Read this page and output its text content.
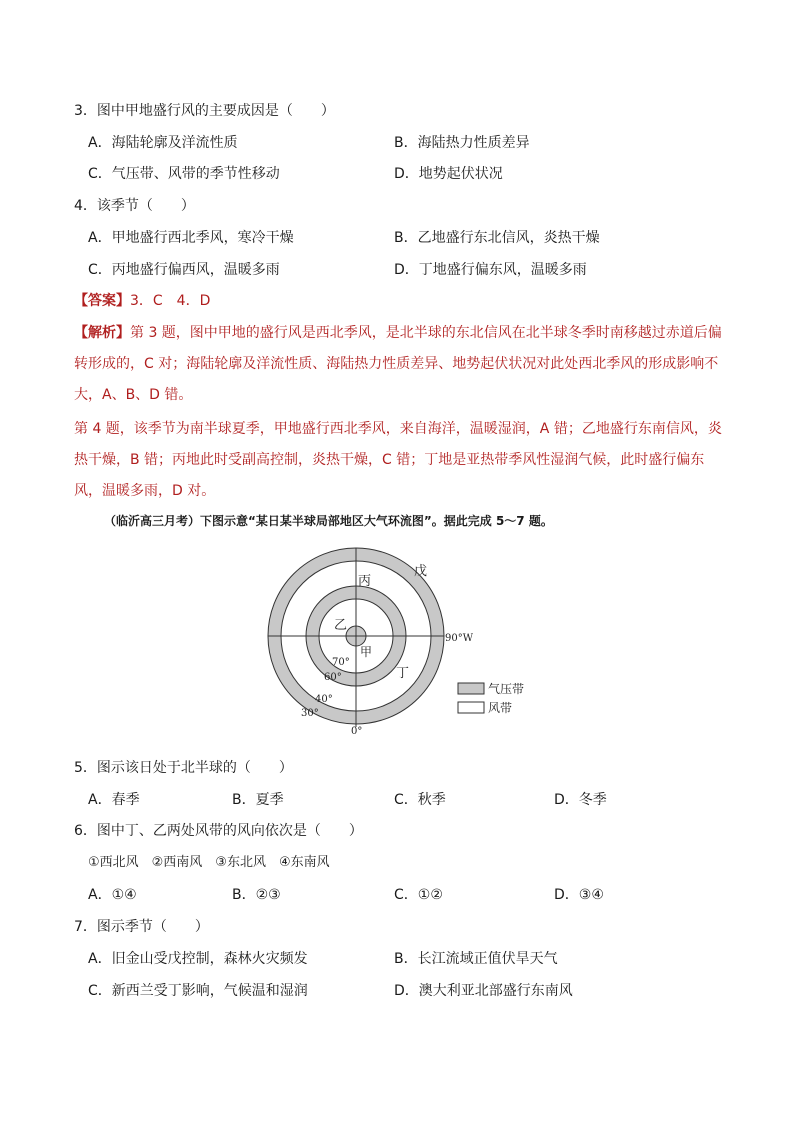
3．图中甲地盛行风的主要成因是（　　）
A．海陆轮廓及洋流性质	B．海陆热力性质差异
C．气压带、风带的季节性移动	D．地势起伏状况
4．该季节（　　）
A．甲地盛行西北季风，寒冷干燥	B．乙地盛行东北信风，炎热干燥
C．丙地盛行偏西风，温暖多雨	D．丁地盛行偏东风，温暖多雨
【答案】3．C　4．D
【解析】第 3 题，图中甲地的盛行风是西北季风，是北半球的东北信风在北半球冬季时南移越过赤道后偏转形成的，C 对；海陆轮廓及洋流性质、海陆热力性质差异、地势起伏状况对此处西北季风的形成影响不大，A、B、D 错。
第 4 题，该季节为南半球夏季，甲地盛行西北季风，来自海洋，温暖湿润，A 错；乙地盛行东南信风，炎热干燥，B 错；丙地此时受副高控制，炎热干燥，C 错；丁地是亚热带季风性湿润气候，此时盛行偏东风，温暖多雨，D 对。
（临沂高三月考）下图示意“某日某半球局部地区大气环流图”。据此完成 5～7 题。
丙
戊
乙
甲
丁
90°W
70°
60°
40°
30°
0°
气压带
风带
5．图示该日处于北半球的（　　）
A．春季	B．夏季	C．秋季	D．冬季
6．图中丁、乙两处风带的风向依次是（　　）
①西北风　②西南风　③东北风　④东南风
A．①④	B．②③	C．①②	D．③④
7．图示季节（　　）
A．旧金山受戊控制，森林火灾频发	B．长江流域正值伏旱天气
C．新西兰受丁影响，气候温和湿润	D．澳大利亚北部盛行东南风
